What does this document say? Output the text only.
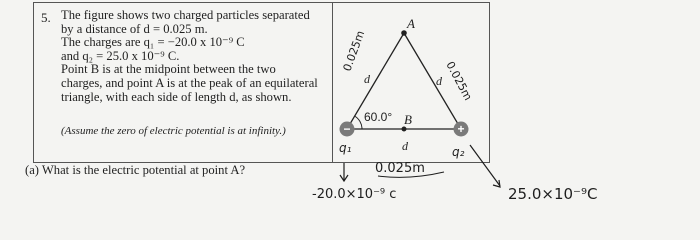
5. The figure shows two charged particles separated
by a distance of d = 0.025 m.
The charges are q₁ = −20.0 x 10⁻⁹ C
and q₂ = 25.0 x 10⁻⁹ C.
Point B is at the midpoint between the two
charges, and point A is at the peak of an equilateral
triangle, with each side of length d, as shown.
(Assume the zero of electric potential is at infinity.)
(a) What is the electric potential at point A?
A
B
60.0°
d	d
d
−	+
0.025m
0.025m
q₁	q₂
0.025m
-20.0×10⁻⁹ c	25.0×10⁻⁹C
